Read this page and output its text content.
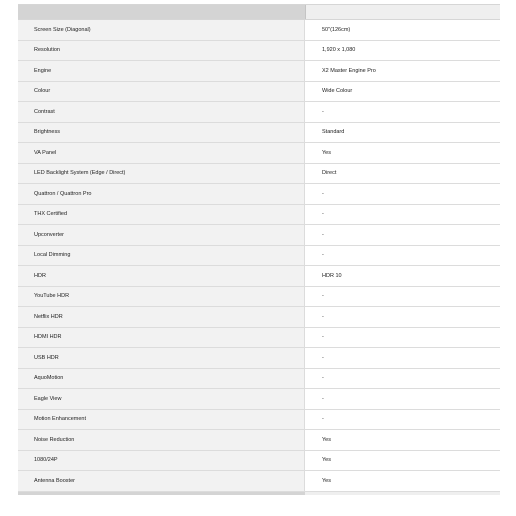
Screen Size (Diagonal)	50"(126cm)
Resolution	1,920 x 1,080
Engine	X2 Master Engine Pro
Colour	Wide Colour
Contrast	-
Brightness	Standard
VA Panel	Yes
LED Backlight System (Edge / Direct)	Direct
Quattron / Quattron Pro	-
THX Certified	-
Upconverter	-
Local Dimming	-
HDR	HDR 10
YouTube HDR	-
Netflix HDR	-
HDMI HDR	-
USB HDR	-
AquoMotion	-
Eagle View	-
Motion Enhancement	-
Noise Reduction	Yes
1080/24P	Yes
Antenna Booster	Yes
